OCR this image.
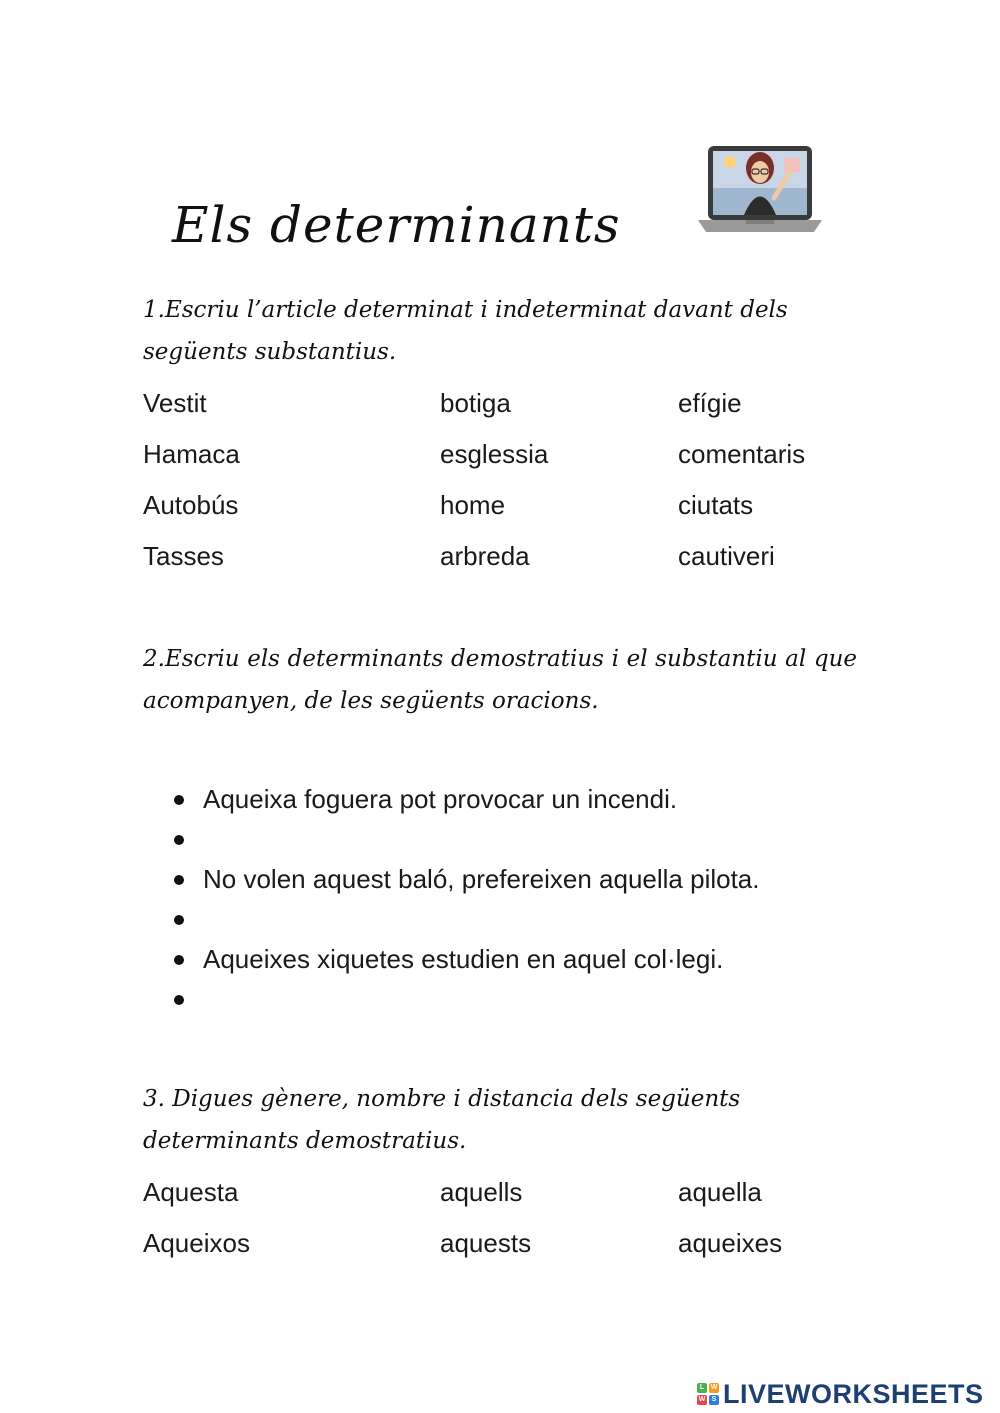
Els determinants
1.Escriu l’article determinat i indeterminat davant dels següents substantius.
Vestit	botiga	efígie
Hamaca	esglessia	comentaris
Autobús	home	ciutats
Tasses	arbreda	cautiveri
2.Escriu els determinants demostratius i el substantiu al que acompanyen, de les següents oracions.
Aqueixa foguera pot provocar un incendi.
No volen aquest baló, prefereixen aquella pilota.
Aqueixes xiquetes estudien en aquel col·legi.
3. Digues gènere, nombre i distancia dels següents determinants demostratius.
Aquesta	aquells	aquella
Aqueixos	aquests	aqueixes
L W
W S LIVEWORKSHEETS
